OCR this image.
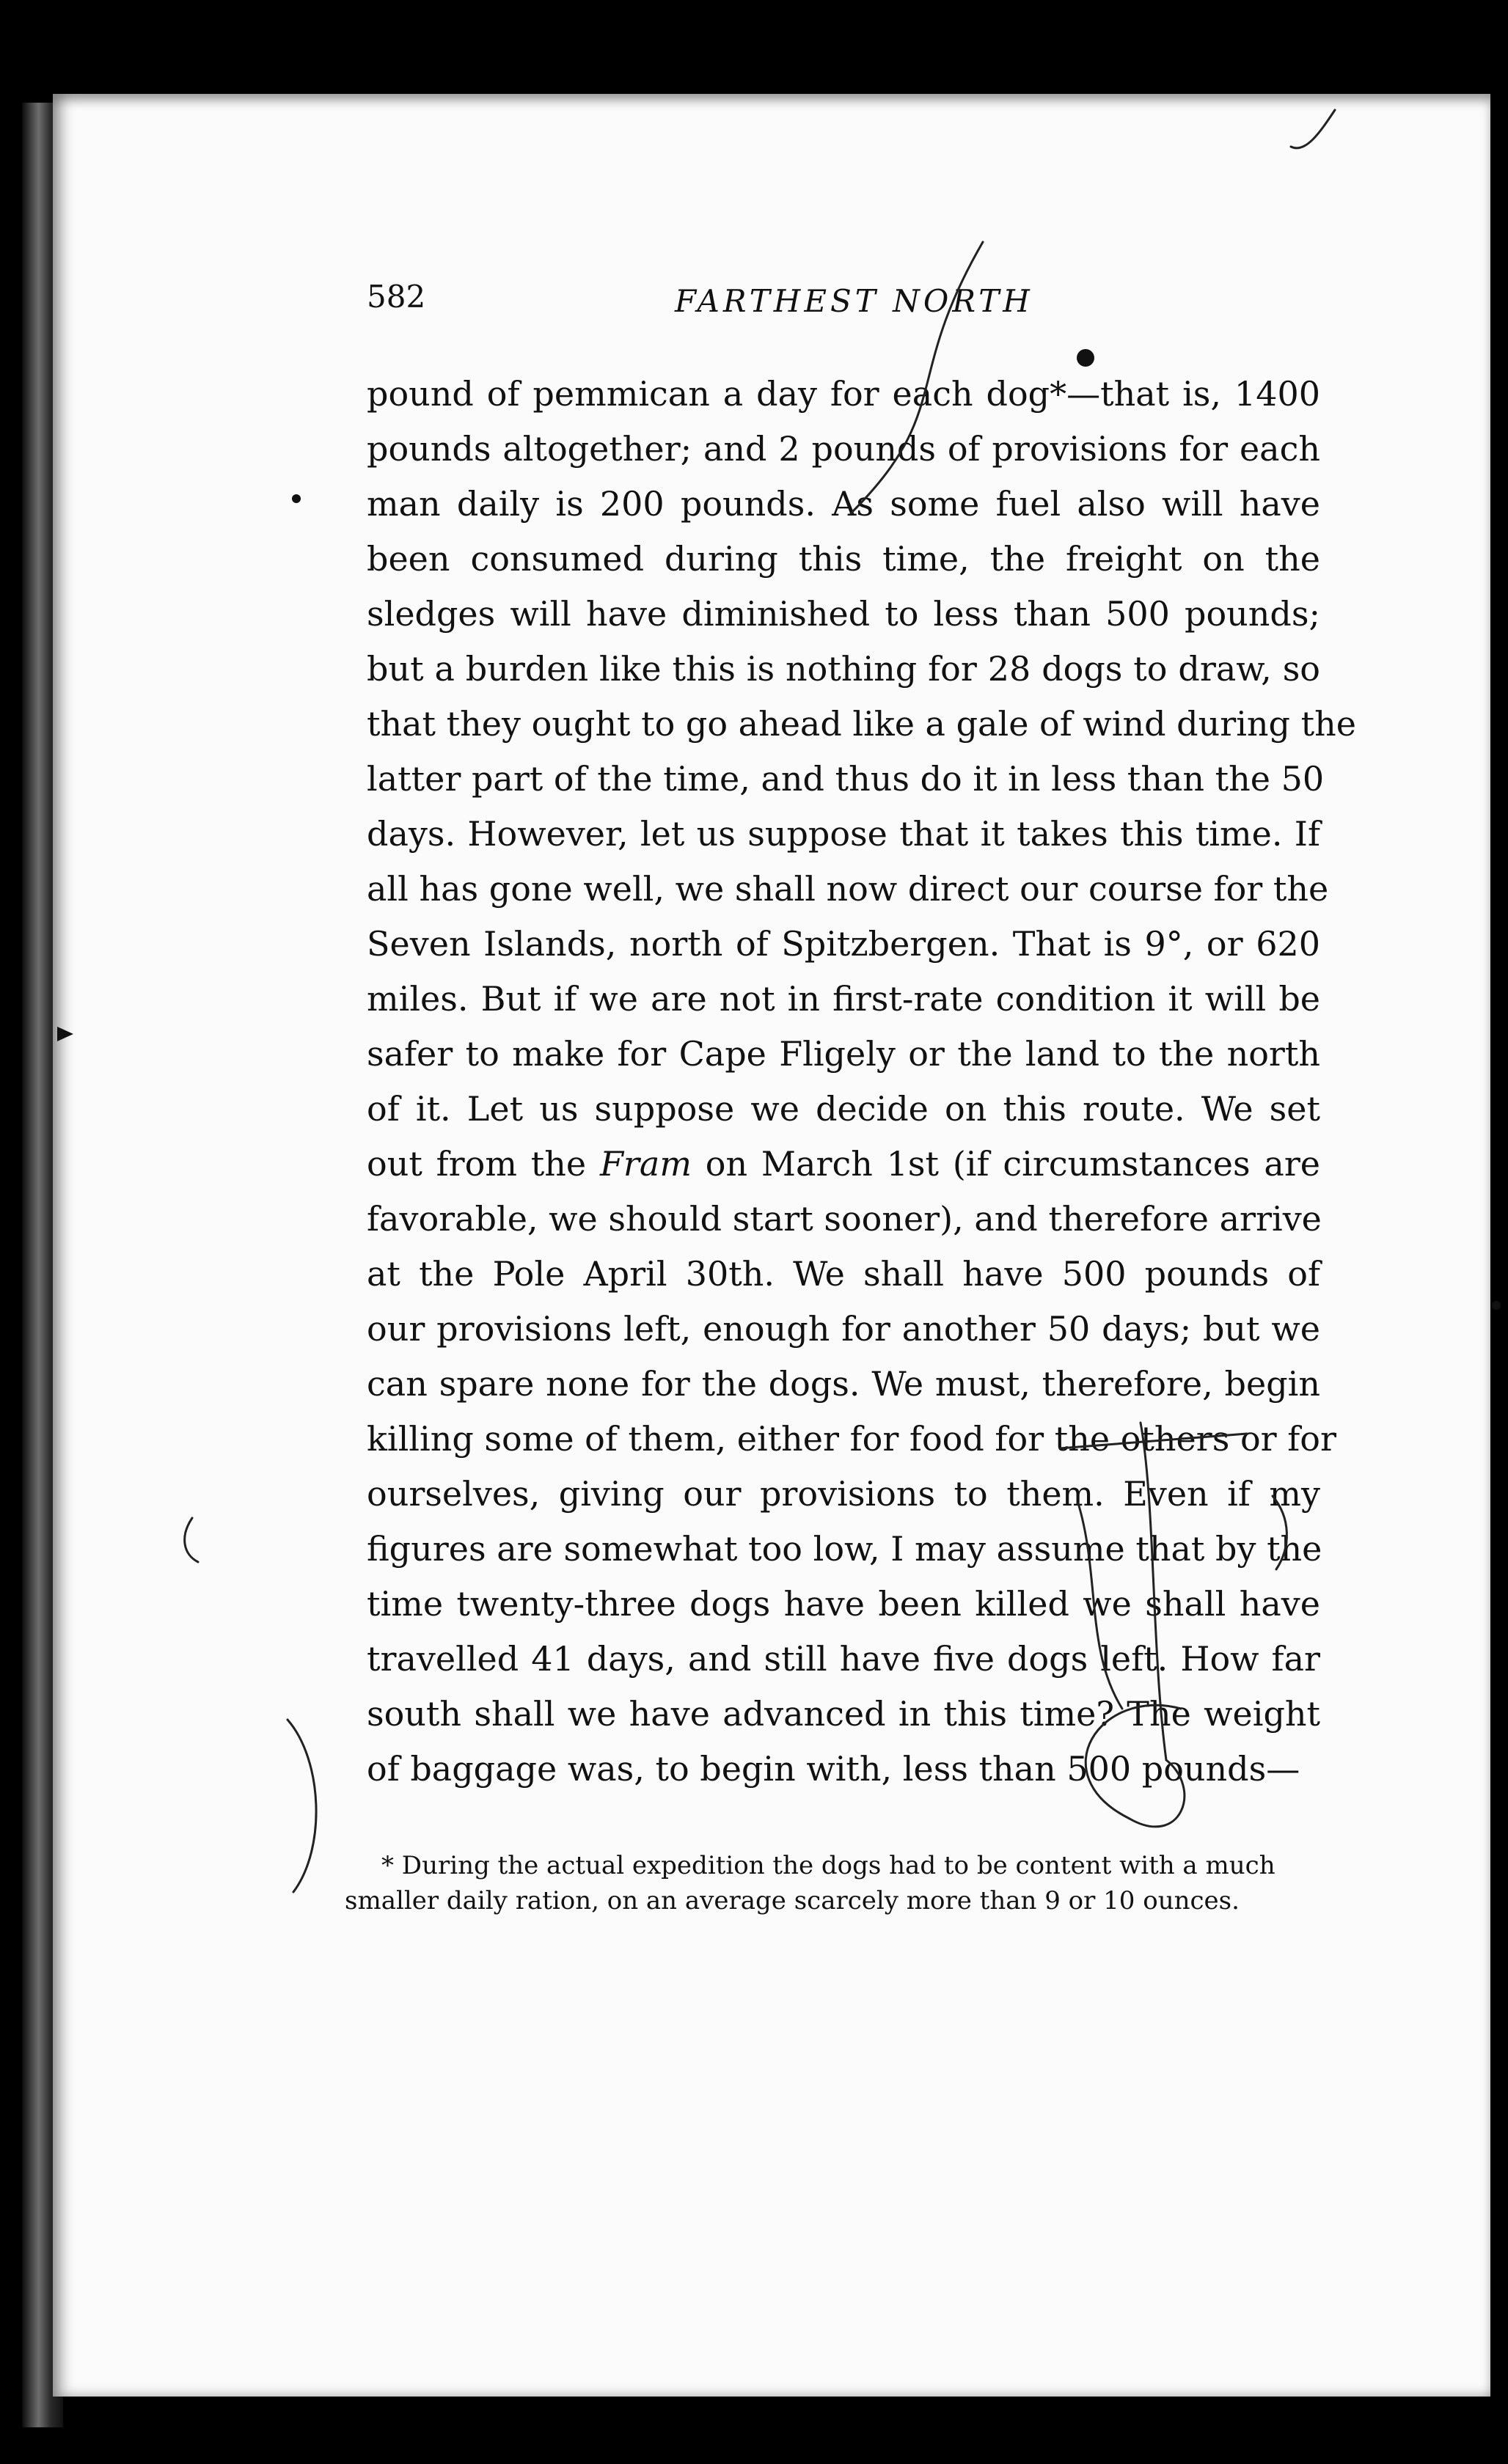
582	FARTHEST NORTH
pound of pemmican a day for each dog*—that is, 1400
pounds altogether; and 2 pounds of provisions for each
man daily is 200 pounds. As some fuel also will have
been consumed during this time, the freight on the
sledges will have diminished to less than 500 pounds;
but a burden like this is nothing for 28 dogs to draw, so
that they ought to go ahead like a gale of wind during the
latter part of the time, and thus do it in less than the 50
days. However, let us suppose that it takes this time. If
all has gone well, we shall now direct our course for the
Seven Islands, north of Spitzbergen. That is 9°, or 620
miles. But if we are not in first-rate condition it will be
safer to make for Cape Fligely or the land to the north
of it. Let us suppose we decide on this route. We set
out from the Fram on March 1st (if circumstances are
favorable, we should start sooner), and therefore arrive
at the Pole April 30th. We shall have 500 pounds of
our provisions left, enough for another 50 days; but we
can spare none for the dogs. We must, therefore, begin
killing some of them, either for food for the others or for
ourselves, giving our provisions to them. Even if my
figures are somewhat too low, I may assume that by the
time twenty-three dogs have been killed we shall have
travelled 41 days, and still have five dogs left. How far
south shall we have advanced in this time? The weight
of baggage was, to begin with, less than 500 pounds—
* During the actual expedition the dogs had to be content with a much
smaller daily ration, on an average scarcely more than 9 or 10 ounces.
